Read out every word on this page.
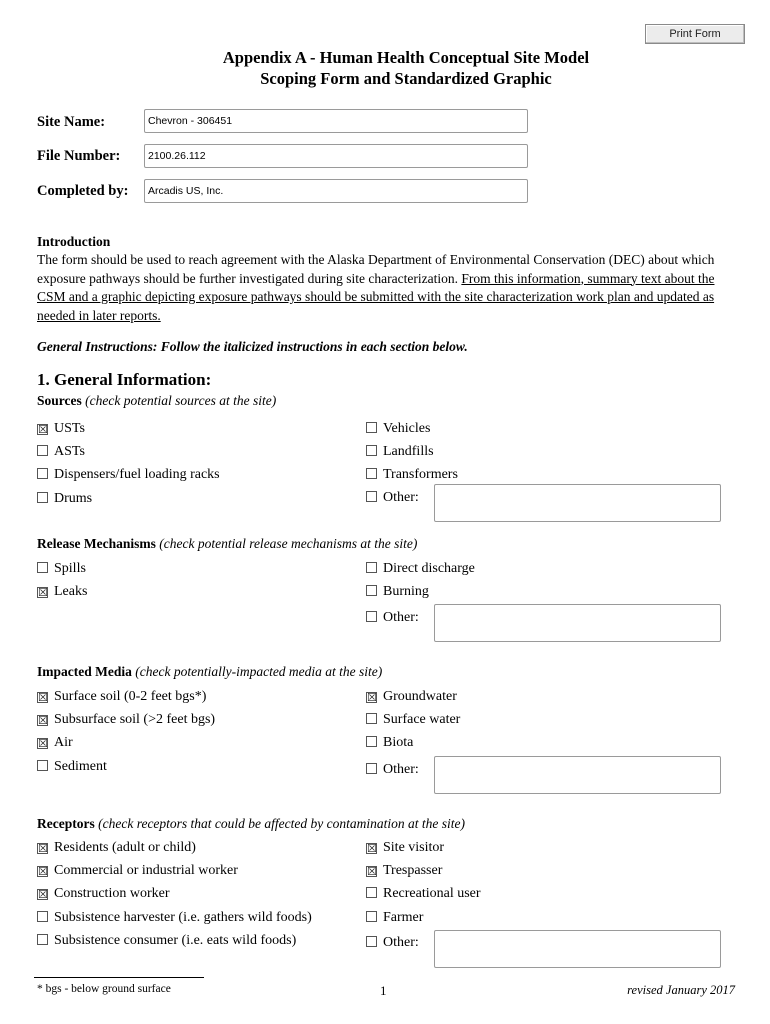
Print Form
Appendix A - Human Health Conceptual Site Model
Scoping Form and Standardized Graphic
Site Name:	Chevron - 306451
File Number:	2100.26.112
Completed by:	Arcadis US, Inc.
Introduction
The form should be used to reach agreement with the Alaska Department of Environmental Conservation (DEC) about which exposure pathways should be further investigated during site characterization. From this information, summary text about the CSM and a graphic depicting exposure pathways should be submitted with the site characterization work plan and updated as needed in later reports.
General Instructions: Follow the italicized instructions in each section below.
1. General Information:
Sources (check potential sources at the site)
☒ USTs
ASTs
Dispensers/fuel loading racks
Drums
Vehicles
Landfills
Transformers
Other:
Release Mechanisms (check potential release mechanisms at the site)
Spills
☒ Leaks
Direct discharge
Burning
Other:
Impacted Media (check potentially-impacted media at the site)
☒ Surface soil (0-2 feet bgs*)
☒ Subsurface soil (>2 feet bgs)
☒ Air
Sediment
☒ Groundwater
Surface water
Biota
Other:
Receptors (check receptors that could be affected by contamination at the site)
☒ Residents (adult or child)
☒ Commercial or industrial worker
☒ Construction worker
Subsistence harvester (i.e. gathers wild foods)
Subsistence consumer (i.e. eats wild foods)
☒ Site visitor
☒ Trespasser
Recreational user
Farmer
Other:
* bgs - below ground surface	1	revised January 2017
